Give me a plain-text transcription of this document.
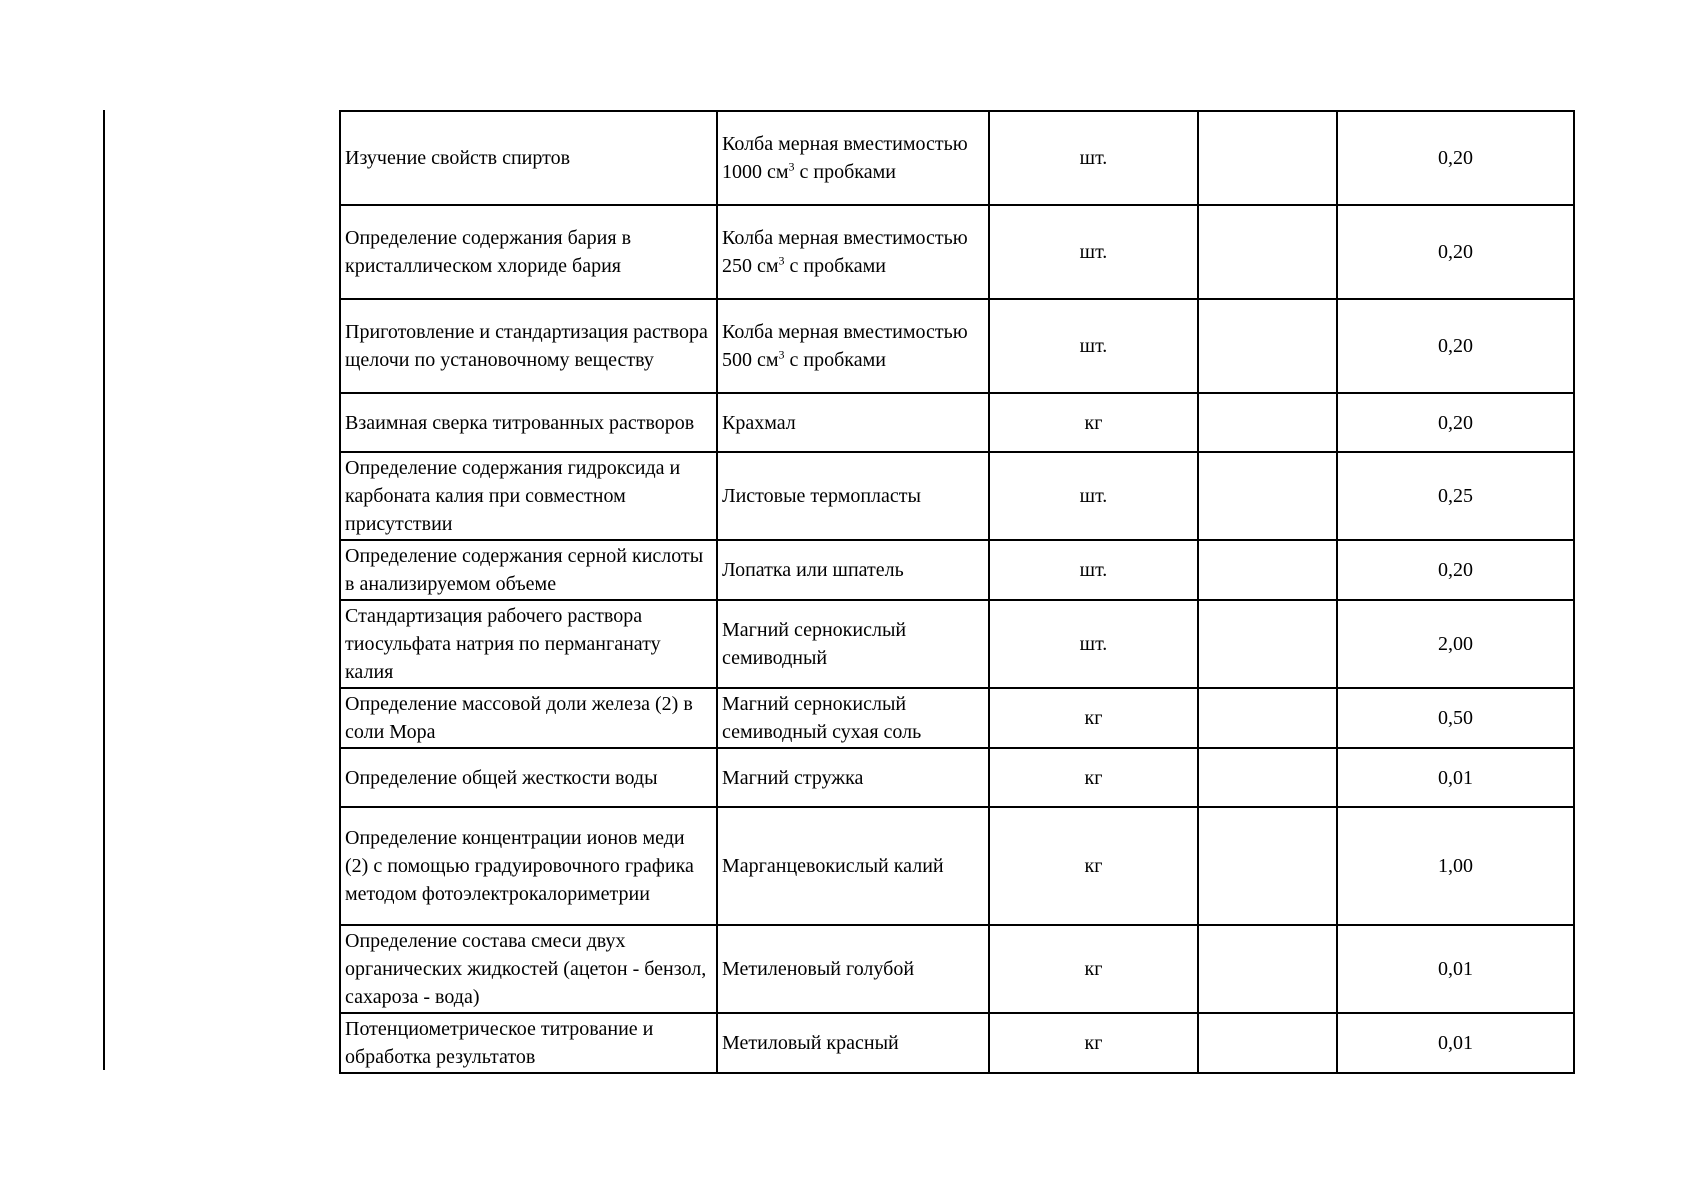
Изучение свойств спиртов	Колба мерная вместимостью 1000 $см^3$ с пробками	шт.		0,20
Определение содержания бария в кристаллическом хлориде бария	Колба мерная вместимостью 250 $см^3$ с пробками	шт.		0,20
Приготовление и стандартизация раствора щелочи по установочному веществу	Колба мерная вместимостью 500 $см^3$ с пробками	шт.		0,20
Взаимная сверка титрованных растворов	Крахмал	кг		0,20
Определение содержания гидроксида и карбоната калия при совместном присутствии	Листовые термопласты	шт.		0,25
Определение содержания серной кислоты в анализируемом объеме	Лопатка или шпатель	шт.		0,20
Стандартизация рабочего раствора тиосульфата натрия по перманганату калия	Магний сернокислый семиводный	шт.		2,00
Определение массовой доли железа (2) в соли Мора	Магний сернокислый семиводный сухая соль	кг		0,50
Определение общей жесткости воды	Магний стружка	кг		0,01
Определение концентрации ионов меди (2) с помощью градуировочного графика методом фотоэлектрокалориметрии	Марганцевокислый калий	кг		1,00
Определение состава смеси двух органических жидкостей (ацетон - бензол, сахароза - вода)	Метиленовый голубой	кг		0,01
Потенциометрическое титрование и обработка результатов	Метиловый красный	кг		0,01
